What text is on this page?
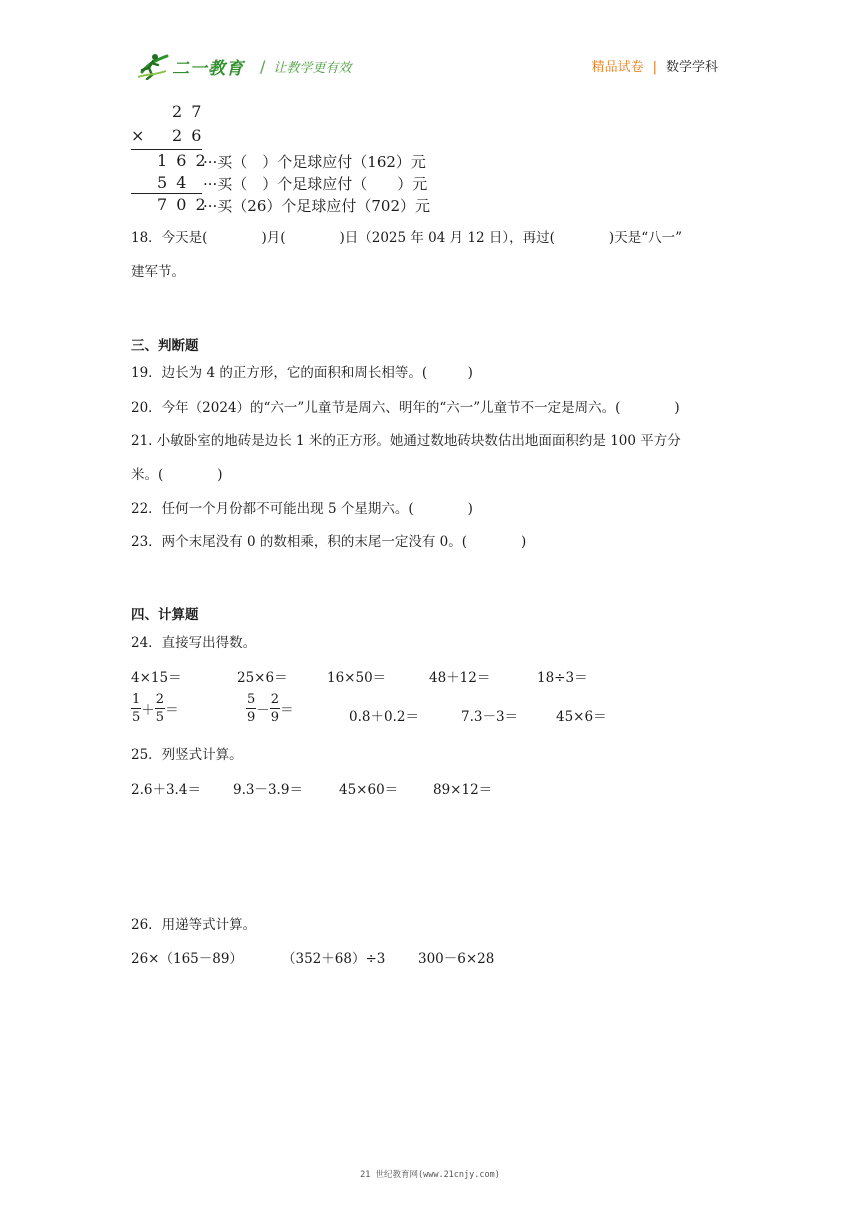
二一教育 / 让教学更有效	精品试卷 | 数学学科
2 7
× 2 6
1 6 2
···买（　）个足球应付（162）元
5 4 ···买（　）个足球应付（　　）元
7 0 2
···买（26）个足球应付（702）元
18．今天是(　　　　)月(　　　　)日（2025 年 04 月 12 日），再过(　　　　)天是“八一”
建军节。
三、判断题
19．边长为 4 的正方形，它的面积和周长相等。(　　　)
20．今年（2024）的“六一”儿童节是周六、明年的“六一”儿童节不一定是周六。(　　　　)
21. 小敏卧室的地砖是边长 1 米的正方形。她通过数地砖块数估出地面面积约是 100 平方分
米。(　　　　)
22．任何一个月份都不可能出现 5 个星期六。(　　　　)
23．两个末尾没有 0 的数相乘，积的末尾一定没有 0。(　　　　)
四、计算题
24．直接写出得数。
4×15＝	25×6＝	16×50＝	48＋12＝	18÷3＝
$\frac{1}{5} + \frac{2}{5}$ ＝	$\frac{5}{9} - \frac{2}{9}$ ＝	0.8＋0.2＝	7.3－3＝	45×6＝
25．列竖式计算。
2.6＋3.4＝ 9.3－3.9＝	45×60＝	89×12＝
26．用递等式计算。
26×（165－89）	（352＋68）÷3 300－6×28
21 世纪教育网(www.21cnjy.com)
